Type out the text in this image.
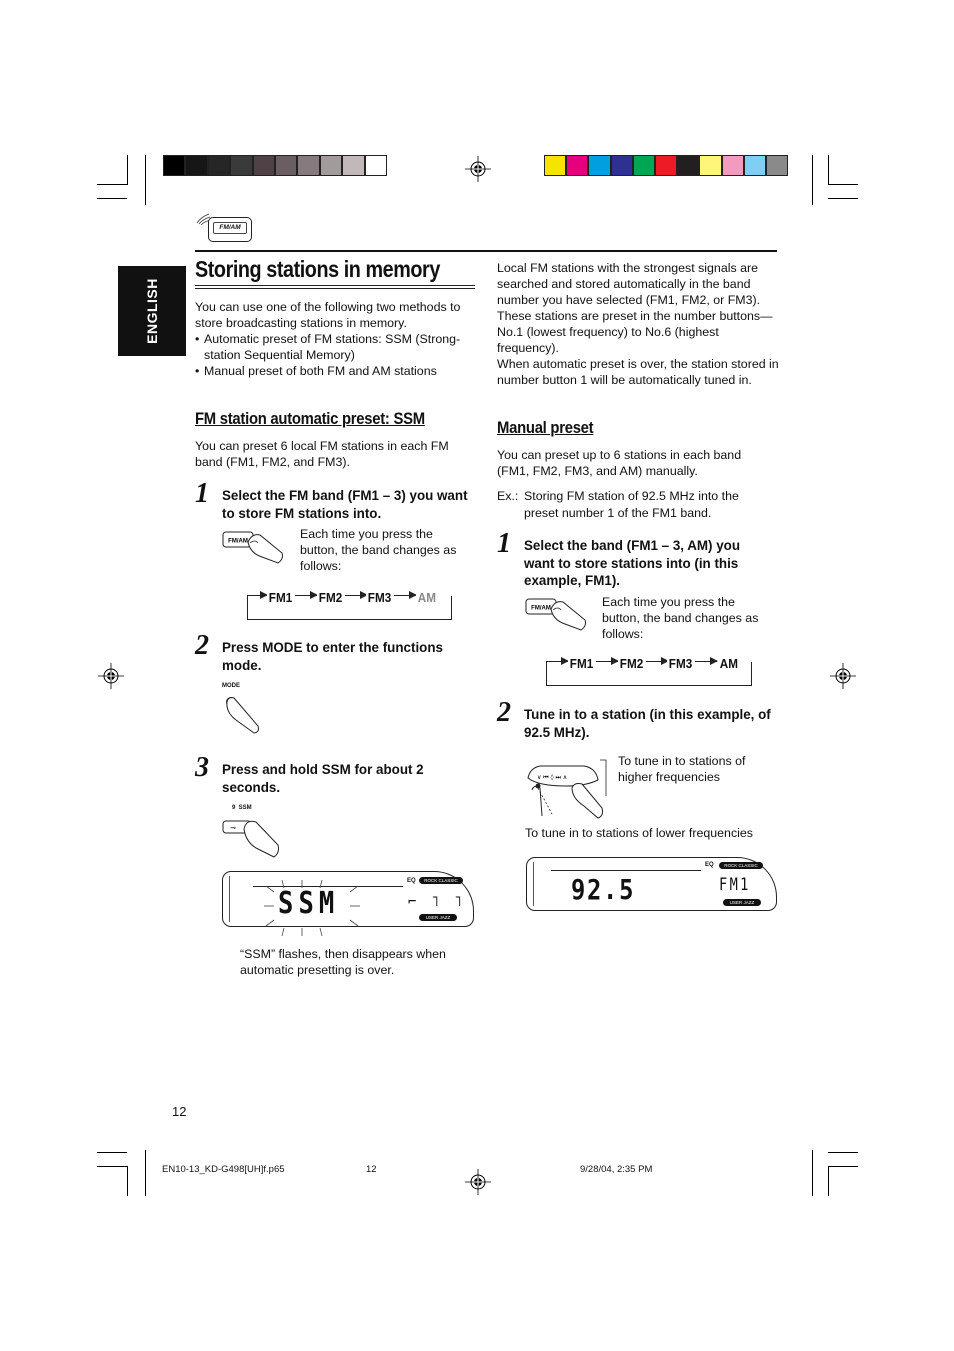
ENGLISH
FM/AM
Storing stations in memory
You can use one of the following two methods to store broadcasting stations in memory.
• Automatic preset of FM stations: SSM (Strong-station Sequential Memory)
• Manual preset of both FM and AM stations
FM station automatic preset: SSM
You can preset 6 local FM stations in each FM band (FM1, FM2, and FM3).
1 Select the FM band (FM1 – 3) you want to store FM stations into.
FM/AM
Each time you press the button, the band changes as follows:
FM1 FM2 FM3 AM
2 Press MODE to enter the functions mode.
MODE
3 Press and hold SSM for about 2 seconds.
9  SSM
⊸
EQ	ROCK CLASSIC
USER JAZZ
SSM	⌐ ˥ ˥
“SSM” flashes, then disappears when automatic presetting is over.
Local FM stations with the strongest signals are searched and stored automatically in the band number you have selected (FM1, FM2, or FM3). These stations are preset in the number buttons—No.1 (lowest frequency) to No.6 (highest frequency).
When automatic preset is over, the station stored in number button 1 will be automatically tuned in.
Manual preset
You can preset up to 6 stations in each band (FM1, FM2, FM3, and AM) manually.
Ex.: Storing FM station of 92.5 MHz into the preset number 1 of the FM1 band.
1 Select the band (FM1 – 3, AM) you want to store stations into (in this example, FM1).
FM/AM	Each time you press the button, the band changes as follows:
FM1 FM2 FM3 AM
2 Tune in to a station (in this example, of 92.5 MHz).
∨ ⏮ ◊ ⏭ ∧
To tune in to stations of higher frequencies
To tune in to stations of lower frequencies
EQ	ROCK CLASSIC
USER JAZZ
92.5	FM1
12
EN10-13_KD-G498[UH]f.p65	12	9/28/04, 2:35 PM
